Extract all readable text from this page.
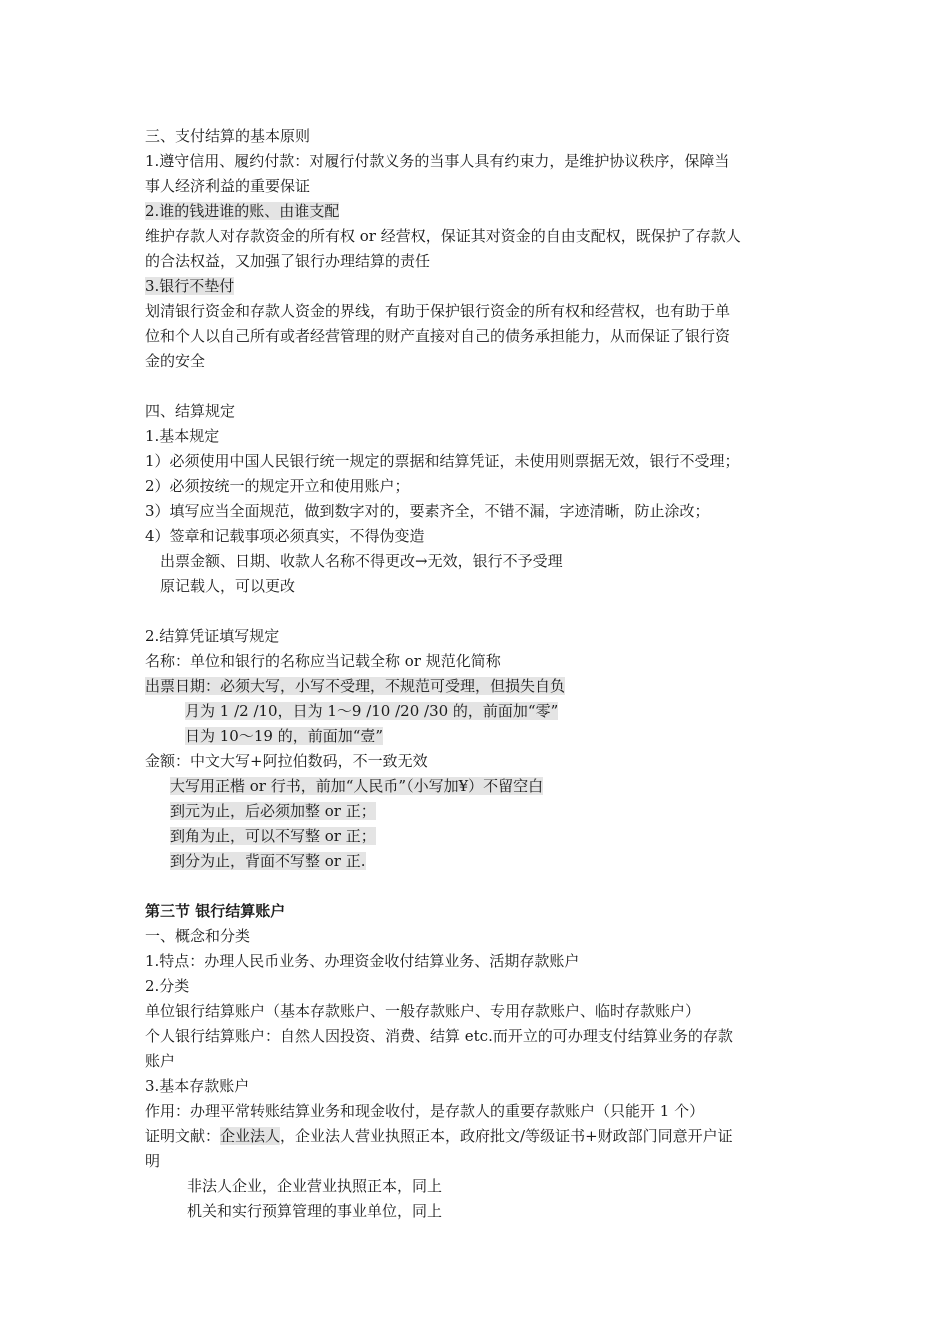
三、支付结算的基本原则
1.遵守信用、履约付款：对履行付款义务的当事人具有约束力，是维护协议秩序，保障当
事人经济利益的重要保证
2.谁的钱进谁的账、由谁支配
维护存款人对存款资金的所有权 or 经营权，保证其对资金的自由支配权，既保护了存款人
的合法权益，又加强了银行办理结算的责任
3.银行不垫付
划清银行资金和存款人资金的界线，有助于保护银行资金的所有权和经营权，也有助于单
位和个人以自己所有或者经营管理的财产直接对自己的债务承担能力，从而保证了银行资
金的安全
四、结算规定
1.基本规定
1）必须使用中国人民银行统一规定的票据和结算凭证，未使用则票据无效，银行不受理；
2）必须按统一的规定开立和使用账户；
3）填写应当全面规范，做到数字对的，要素齐全，不错不漏，字迹清晰，防止涂改；
4）签章和记载事项必须真实，不得伪变造
出票金额、日期、收款人名称不得更改→无效，银行不予受理
原记载人，可以更改
2.结算凭证填写规定
名称：单位和银行的名称应当记载全称 or 规范化简称
出票日期：必须大写，小写不受理，不规范可受理，但损失自负
月为 1 /2 /10，日为 1～9 /10 /20 /30 的，前面加“零”
日为 10～19 的，前面加“壹”
金额：中文大写+阿拉伯数码，不一致无效
大写用正楷 or 行书，前加“人民币”（小写加¥）不留空白
到元为止，后必须加整 or 正；
到角为止，可以不写整 or 正；
到分为止，背面不写整 or 正.
第三节 银行结算账户
一、概念和分类
1.特点：办理人民币业务、办理资金收付结算业务、活期存款账户
2.分类
单位银行结算账户（基本存款账户、一般存款账户、专用存款账户、临时存款账户）
个人银行结算账户：自然人因投资、消费、结算 etc.而开立的可办理支付结算业务的存款
账户
3.基本存款账户
作用：办理平常转账结算业务和现金收付，是存款人的重要存款账户（只能开 1 个）
证明文献：企业法人，企业法人营业执照正本，政府批文/等级证书+财政部门同意开户证
明
非法人企业，企业营业执照正本，同上
机关和实行预算管理的事业单位，同上
